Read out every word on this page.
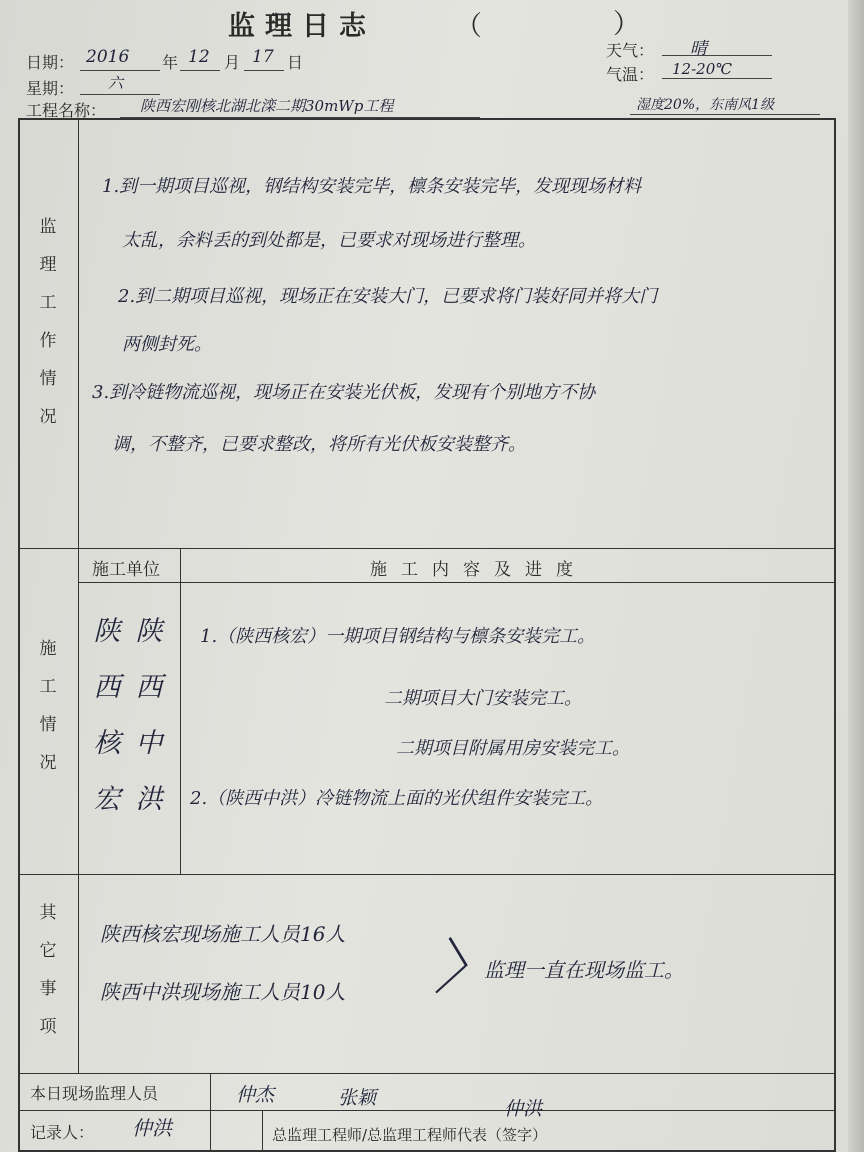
监理日志	（	）
日期： 2016 年 12 月 17 日
星期： 六
工程名称： 陕西宏刚核北湖北滦二期30mWp工程
天气： 晴
气温： 12-20℃
湿度20%，东南风1级
监理工作情况
1.到一期项目巡视，钢结构安装完毕，檩条安装完毕，发现现场材料
太乱，余料丢的到处都是，已要求对现场进行整理。
2.到二期项目巡视，现场正在安装大门，已要求将门装好同并将大门
两侧封死。
3.到冷链物流巡视，现场正在安装光伏板，发现有个别地方不协
调，不整齐，已要求整改，将所有光伏板安装整齐。
施工情况
施工单位	施工内容及进度
陕
西
核
宏
陕
西
中
洪
1.（陕西核宏）一期项目钢结构与檩条安装完工。
二期项目大门安装完工。
二期项目附属用房安装完工。
2.（陕西中洪）冷链物流上面的光伏组件安装完工。
其它事项
陕西核宏现场施工人员16人
陕西中洪现场施工人员10人 〉
监理一直在现场监工。
本日现场监理人员	仲杰	张颖	仲洪
记录人： 仲洪	总监理工程师/总监理工程师代表（签字）
